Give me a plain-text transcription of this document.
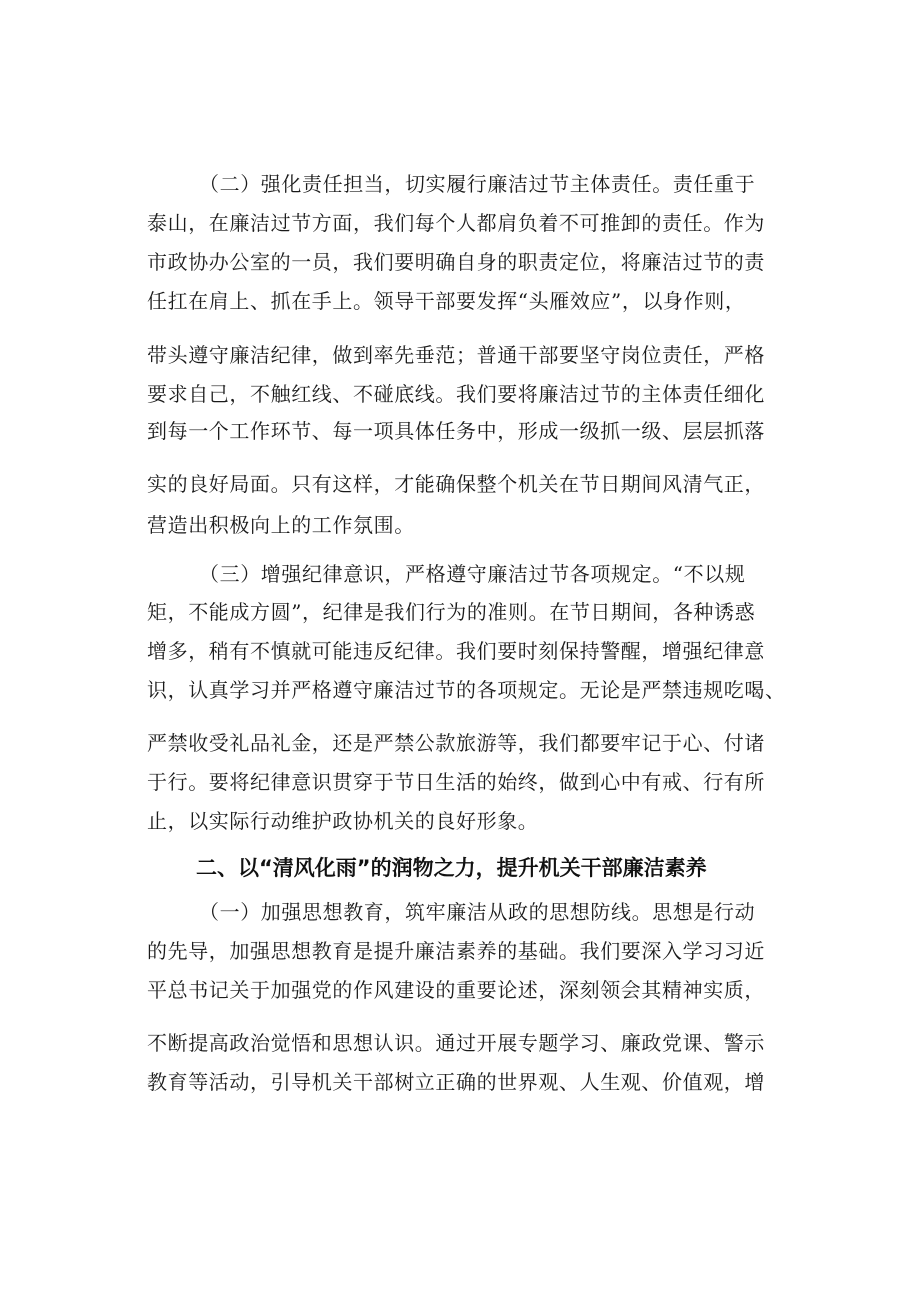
（二）强化责任担当，切实履行廉洁过节主体责任。责任重于

泰山，在廉洁过节方面，我们每个人都肩负着不可推卸的责任。作为

市政协办公室的一员，我们要明确自身的职责定位，将廉洁过节的责

任扛在肩上、抓在手上。领导干部要发挥“头雁效应”，以身作则，

带头遵守廉洁纪律，做到率先垂范；普通干部要坚守岗位责任，严格

要求自己，不触红线、不碰底线。我们要将廉洁过节的主体责任细化

到每一个工作环节、每一项具体任务中，形成一级抓一级、层层抓落

实的良好局面。只有这样，才能确保整个机关在节日期间风清气正，

营造出积极向上的工作氛围。

（三）增强纪律意识，严格遵守廉洁过节各项规定。“不以规

矩，不能成方圆”，纪律是我们行为的准则。在节日期间，各种诱惑

增多，稍有不慎就可能违反纪律。我们要时刻保持警醒，增强纪律意

识，认真学习并严格遵守廉洁过节的各项规定。无论是严禁违规吃喝、

严禁收受礼品礼金，还是严禁公款旅游等，我们都要牢记于心、付诸

于行。要将纪律意识贯穿于节日生活的始终，做到心中有戒、行有所

止，以实际行动维护政协机关的良好形象。

二、以“清风化雨”的润物之力，提升机关干部廉洁素养

（一）加强思想教育，筑牢廉洁从政的思想防线。思想是行动

的先导，加强思想教育是提升廉洁素养的基础。我们要深入学习习近

平总书记关于加强党的作风建设的重要论述，深刻领会其精神实质，

不断提高政治觉悟和思想认识。通过开展专题学习、廉政党课、警示

教育等活动，引导机关干部树立正确的世界观、人生观、价值观，增
